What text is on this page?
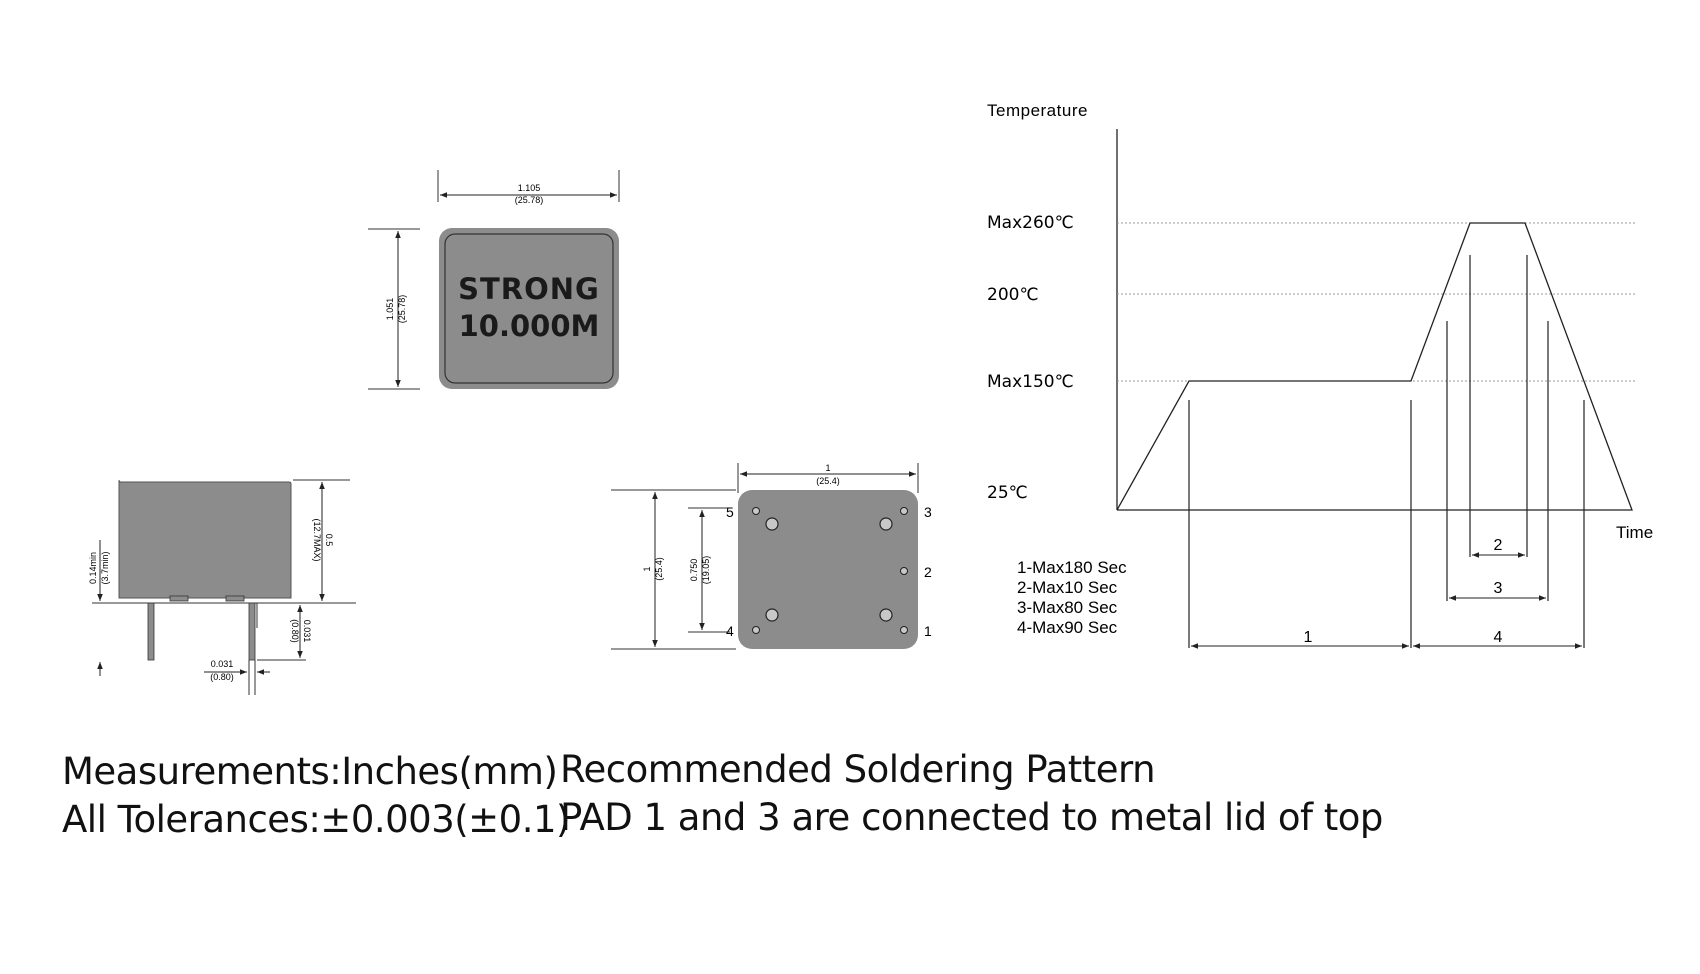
1.105
(25.78)
1.051 (25.78)
STRONG
10.000M
0.5
(12.7MAX)
0.14min (3.7min)
0.031
(0.80)
0.031
(0.80)
1
(25.4)
1 (25.4)	0.750 (19.05)
5	3
2
4	1
Temperature
Time
Max260℃
200℃
Max150℃
25℃
1
2
3
4
1-Max180 Sec
2-Max10 Sec
3-Max80 Sec
4-Max90 Sec
Measurements:Inches(mm)
All Tolerances:±0.003(±0.1)
Recommended Soldering Pattern
PAD 1 and 3 are connected to metal lid of top
